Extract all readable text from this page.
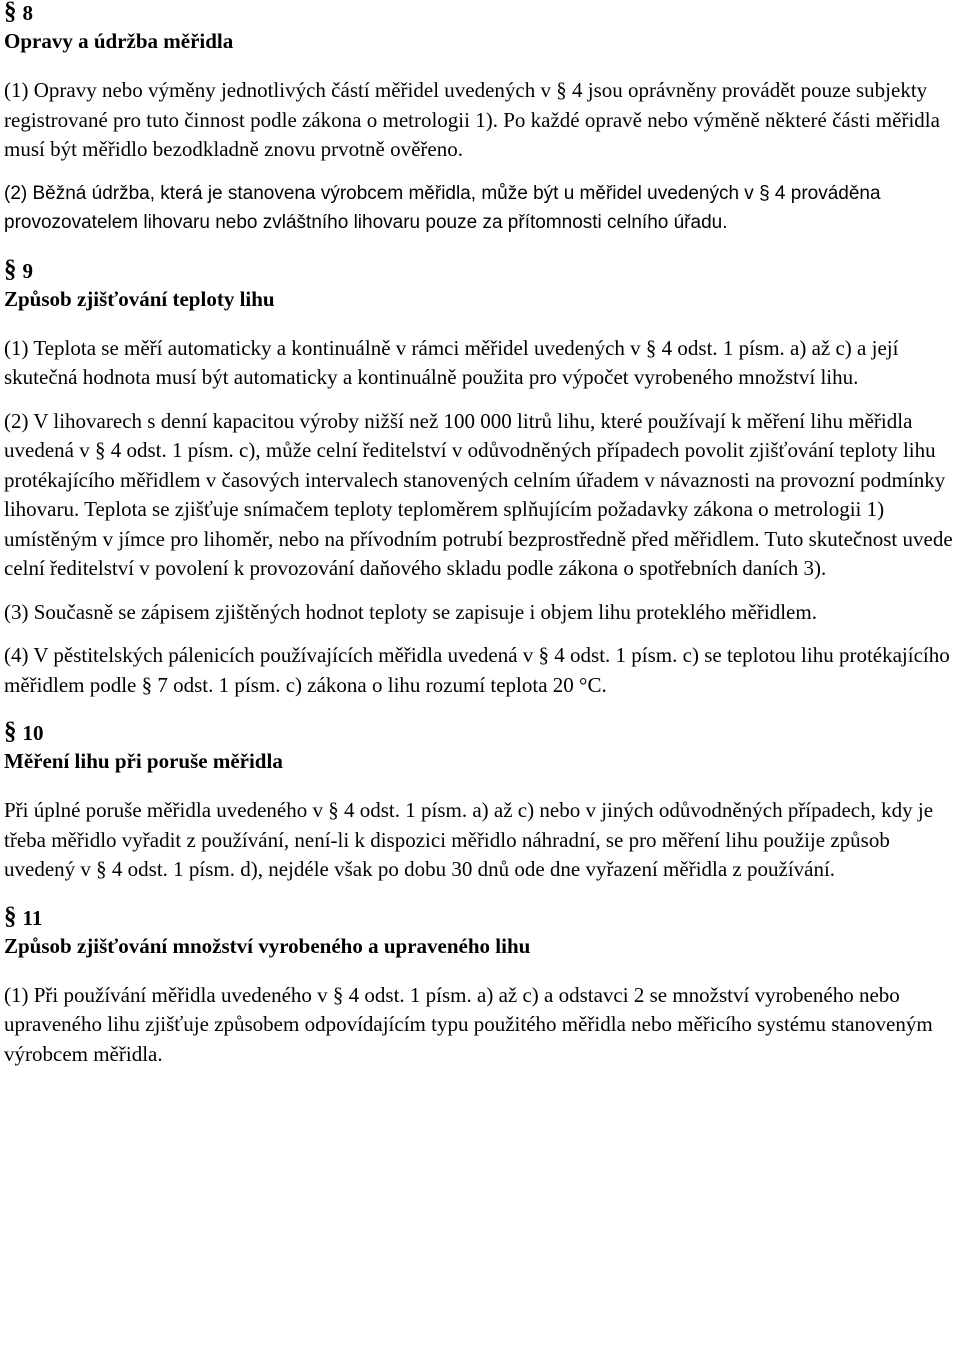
§ 8
Opravy a údržba měřidla

(1) Opravy nebo výměny jednotlivých částí měřidel uvedených v § 4 jsou oprávněny provádět pouze subjekty registrované pro tuto činnost podle zákona o metrologii 1). Po každé opravě nebo výměně některé části měřidla musí být měřidlo bezodkladně znovu prvotně ověřeno.

(2) Běžná údržba, která je stanovena výrobcem měřidla, může být u měřidel uvedených v § 4 prováděna provozovatelem lihovaru nebo zvláštního lihovaru pouze za přítomnosti celního úřadu.

§ 9
Způsob zjišťování teploty lihu

(1) Teplota se měří automaticky a kontinuálně v rámci měřidel uvedených v § 4 odst. 1 písm. a) až c) a její skutečná hodnota musí být automaticky a kontinuálně použita pro výpočet vyrobeného množství lihu.

(2) V lihovarech s denní kapacitou výroby nižší než 100 000 litrů lihu, které používají k měření lihu měřidla uvedená v § 4 odst. 1 písm. c), může celní ředitelství v odůvodněných případech povolit zjišťování teploty lihu protékajícího měřidlem v časových intervalech stanovených celním úřadem v návaznosti na provozní podmínky lihovaru. Teplota se zjišťuje snímačem teploty teploměrem splňujícím požadavky zákona o metrologii 1) umístěným v jímce pro lihoměr, nebo na přívodním potrubí bezprostředně před měřidlem. Tuto skutečnost uvede celní ředitelství v povolení k provozování daňového skladu podle zákona o spotřebních daních 3).

(3) Současně se zápisem zjištěných hodnot teploty se zapisuje i objem lihu proteklého měřidlem.

(4) V pěstitelských pálenicích používajících měřidla uvedená v § 4 odst. 1 písm. c) se teplotou lihu protékajícího měřidlem podle § 7 odst. 1 písm. c) zákona o lihu rozumí teplota 20 °C.

§ 10
Měření lihu při poruše měřidla

Při úplné poruše měřidla uvedeného v § 4 odst. 1 písm. a) až c) nebo v jiných odůvodněných případech, kdy je třeba měřidlo vyřadit z používání, není-li k dispozici měřidlo náhradní, se pro měření lihu použije způsob uvedený v § 4 odst. 1 písm. d), nejdéle však po dobu 30 dnů ode dne vyřazení měřidla z používání.

§ 11
Způsob zjišťování množství vyrobeného a upraveného lihu

(1) Při používání měřidla uvedeného v § 4 odst. 1 písm. a) až c) a odstavci 2 se množství vyrobeného nebo upraveného lihu zjišťuje způsobem odpovídajícím typu použitého měřidla nebo měřicího systému stanoveným výrobcem měřidla.
